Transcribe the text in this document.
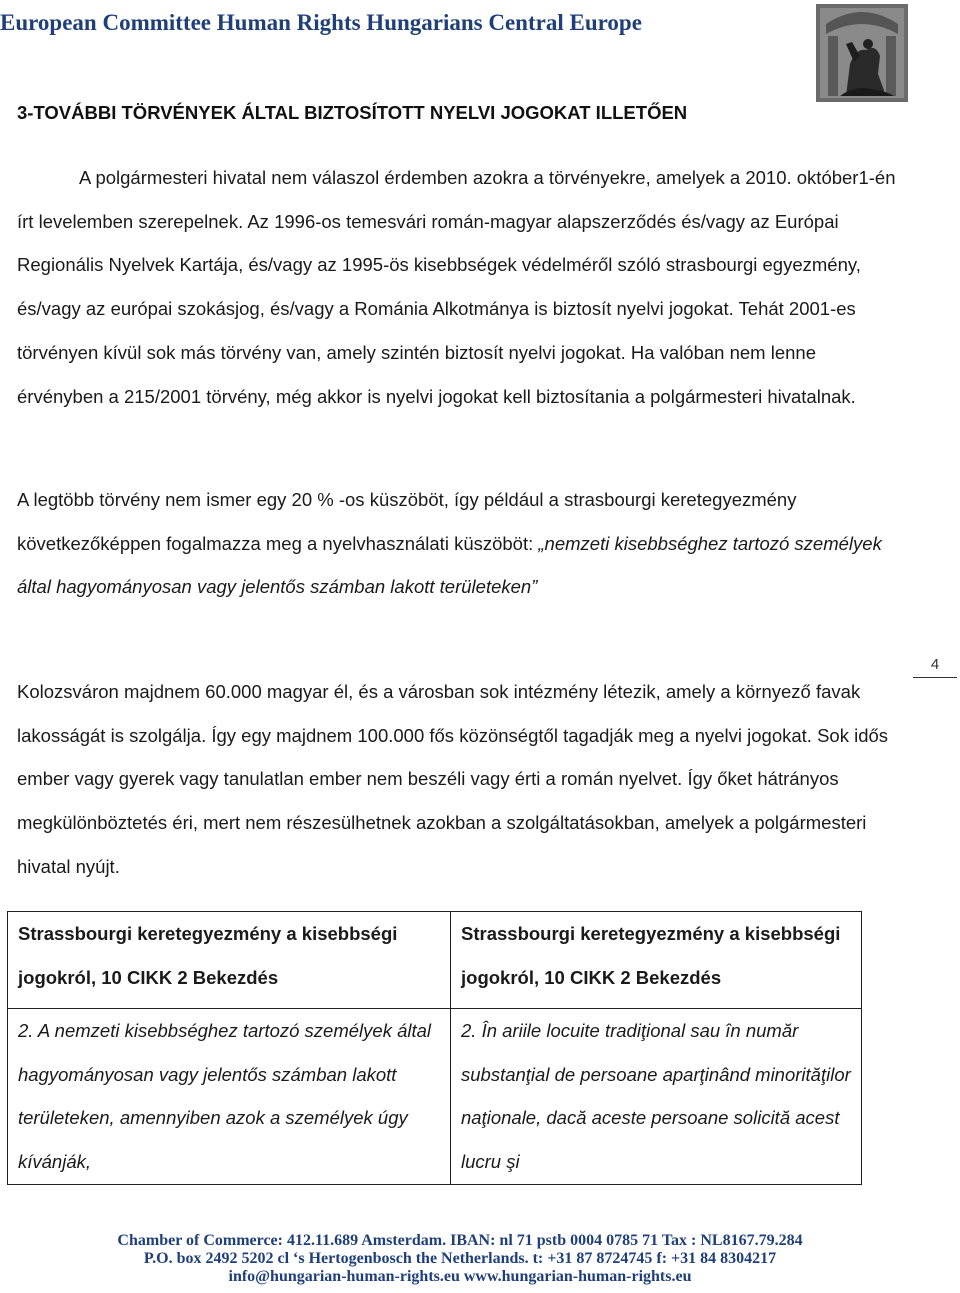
European Committee Human Rights Hungarians Central Europe
3-TOVÁBBI TÖRVÉNYEK ÁLTAL BIZTOSÍTOTT NYELVI JOGOKAT ILLETŐEN
A polgármesteri hivatal nem válaszol érdemben azokra a törvényekre, amelyek a 2010. október1-én írt levelemben szerepelnek. Az 1996-os temesvári román-magyar alapszerződés és/vagy az Európai Regionális Nyelvek Kartája, és/vagy az 1995-ös kisebbségek védelméről szóló strasbourgi egyezmény, és/vagy az európai szokásjog, és/vagy a Románia Alkotmánya is biztosít nyelvi jogokat. Tehát 2001-es törvényen kívül sok más törvény van, amely szintén biztosít nyelvi jogokat. Ha valóban nem lenne érvényben a 215/2001 törvény, még akkor is nyelvi jogokat kell biztosítania a polgármesteri hivatalnak.
A legtöbb törvény nem ismer egy 20 % -os küszöböt, így például a strasbourgi keretegyezmény következőképpen fogalmazza meg a nyelvhasználati küszöböt: „nemzeti kisebbséghez tartozó személyek által hagyományosan vagy jelentős számban lakott területeken”
4
Kolozsváron majdnem 60.000 magyar él, és a városban sok intézmény létezik, amely a környező favak lakosságát is szolgálja. Így egy majdnem 100.000 fős közönségtől tagadják meg a nyelvi jogokat. Sok idős ember vagy gyerek vagy tanulatlan ember nem beszéli vagy érti a román nyelvet. Így őket hátrányos megkülönböztetés éri, mert nem részesülhetnek azokban a szolgáltatásokban, amelyek a polgármesteri hivatal nyújt.
Strassbourgi keretegyezmény a kisebbségi jogokról, 10 CIKK 2 Bekezdés	Strassbourgi keretegyezmény a kisebbségi jogokról, 10 CIKK 2 Bekezdés
2. A nemzeti kisebbséghez tartozó személyek által hagyományosan vagy jelentős számban lakott területeken, amennyiben azok a személyek úgy kívánják,	2. În ariile locuite tradiţional sau în număr substanţial de persoane aparţinând minorităţilor naţionale, dacă aceste persoane solicită acest lucru şi
Chamber of Commerce: 412.11.689 Amsterdam. IBAN: nl 71 pstb 0004 0785 71 Tax : NL8167.79.284
P.O. box 2492 5202 cl ‘s Hertogenbosch the Netherlands. t: +31 87 8724745 f: +31 84 8304217
info@hungarian-human-rights.eu www.hungarian-human-rights.eu
